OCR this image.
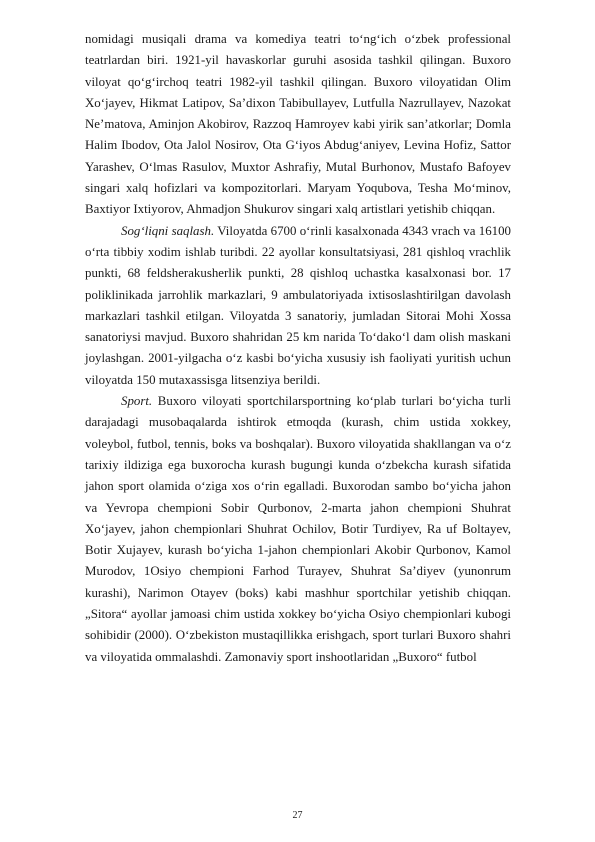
nomidagi musiqali drama va komediya teatri to‘ng‘ich o‘zbek professional teatrlardan biri. 1921-yil havaskorlar guruhi asosida tashkil qilingan. Buxoro viloyat qo‘g‘irchoq teatri 1982-yil tashkil qilingan. Buxoro viloyatidan Olim Xo‘jayev, Hikmat Latipov, Sa’dixon Tabibullayev, Lutfulla Nazrullayev, Nazokat Ne’matova, Aminjon Akobirov, Razzoq Hamroyev kabi yirik san’atkorlar; Domla Halim Ibodov, Ota Jalol Nosirov, Ota G‘iyos Abdug‘aniyev, Levina Hofiz, Sattor Yarashev, O‘lmas Rasulov, Muxtor Ashrafiy, Mutal Burhonov, Mustafo Bafoyev singari xalq hofizlari va kompozitorlari. Maryam Yoqubova, Tesha Mo‘minov, Baxtiyor Ixtiyorov, Ahmadjon Shukurov singari xalq artistlari yetishib chiqqan.

Sog‘liqni saqlash. Viloyatda 6700 o‘rinli kasalxonada 4343 vrach va 16100 o‘rta tibbiy xodim ishlab turibdi. 22 ayollar konsultatsiyasi, 281 qishloq vrachlik punkti, 68 feldsherakusherlik punkti, 28 qishloq uchastka kasalxonasi bor. 17 poliklinikada jarrohlik markazlari, 9 ambulatoriyada ixtisoslashtirilgan davolash markazlari tashkil etilgan. Viloyatda 3 sanatoriy, jumladan Sitorai Mohi Xossa sanatoriysi mavjud. Buxoro shahridan 25 km narida To‘dako‘l dam olish maskani joylashgan. 2001-yilgacha o‘z kasbi bo‘yicha xususiy ish faoliyati yuritish uchun viloyatda 150 mutaxassisga litsenziya berildi.

Sport. Buxoro viloyati sportchilarsportning ko‘plab turlari bo‘yicha turli darajadagi musobaqalarda ishtirok etmoqda (kurash, chim ustida xokkey, voleybol, futbol, tennis, boks va boshqalar). Buxoro viloyatida shakllangan va o‘z tarixiy ildiziga ega buxorocha kurash bugungi kunda o‘zbekcha kurash sifatida jahon sport olamida o‘ziga xos o‘rin egalladi. Buxorodan sambo bo‘yicha jahon va Yevropa chempioni Sobir Qurbonov, 2-marta jahon chempioni Shuhrat Xo‘jayev, jahon chempionlari Shuhrat Ochilov, Botir Turdiyev, Ra uf Boltayev, Botir Xujayev, kurash bo‘yicha 1-jahon chempionlari Akobir Qurbonov, Kamol Murodov, 1Osiyo chempioni Farhod Turayev, Shuhrat Sa’diyev (yunonrum kurashi), Narimon Otayev (boks) kabi mashhur sportchilar yetishib chiqqan. „Sitora“ ayollar jamoasi chim ustida xokkey bo‘yicha Osiyo chempionlari kubogi sohibidir (2000). O‘zbekiston mustaqillikka erishgach, sport turlari Buxoro shahri va viloyatida ommalashdi. Zamonaviy sport inshootlaridan „Buxoro“ futbol

27
